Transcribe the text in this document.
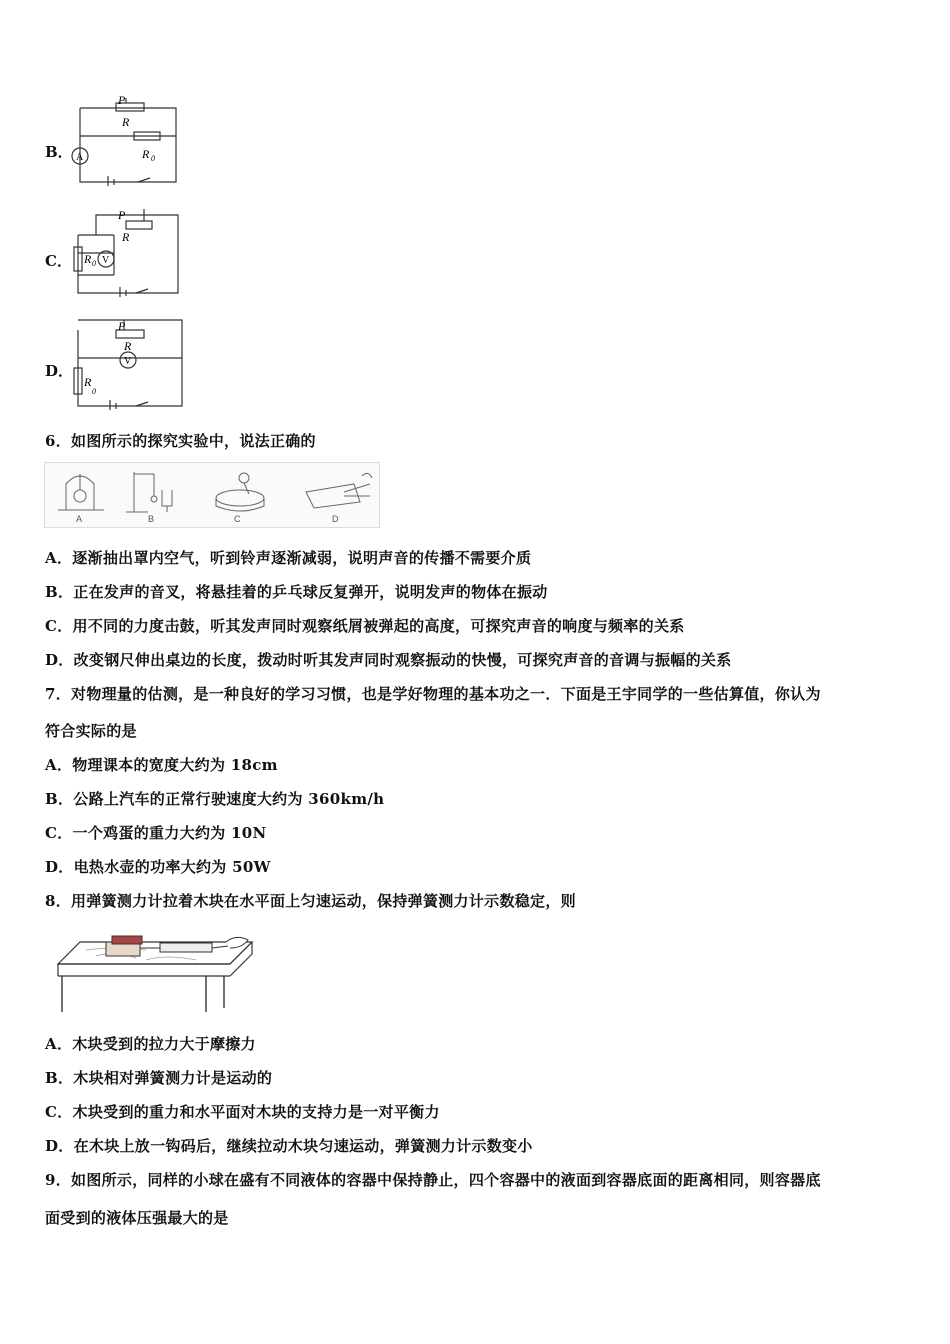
B．
P
R
R 0
A
C．
P
R
R 0 V
D．
P
R
R
0
V
6．如图所示的探究实验中，说法正确的
A	B	C	D
A．逐渐抽出罩内空气，听到铃声逐渐减弱，说明声音的传播不需要介质
B．正在发声的音叉，将悬挂着的乒乓球反复弹开，说明发声的物体在振动
C．用不同的力度击鼓，听其发声同时观察纸屑被弹起的高度，可探究声音的响度与频率的关系
D．改变钢尺伸出桌边的长度，拨动时听其发声同时观察振动的快慢，可探究声音的音调与振幅的关系
7．对物理量的估测，是一种良好的学习习惯，也是学好物理的基本功之一．下面是王宇同学的一些估算值，你认为
符合实际的是
A．物理课本的宽度大约为 18cm
B．公路上汽车的正常行驶速度大约为 360km/h
C．一个鸡蛋的重力大约为 10N
D．电热水壶的功率大约为 50W
8．用弹簧测力计拉着木块在水平面上匀速运动，保持弹簧测力计示数稳定，则
A．木块受到的拉力大于摩擦力
B．木块相对弹簧测力计是运动的
C．木块受到的重力和水平面对木块的支持力是一对平衡力
D．在木块上放一钩码后，继续拉动木块匀速运动，弹簧测力计示数变小
9．如图所示，同样的小球在盛有不同液体的容器中保持静止，四个容器中的液面到容器底面的距离相同，则容器底
面受到的液体压强最大的是
